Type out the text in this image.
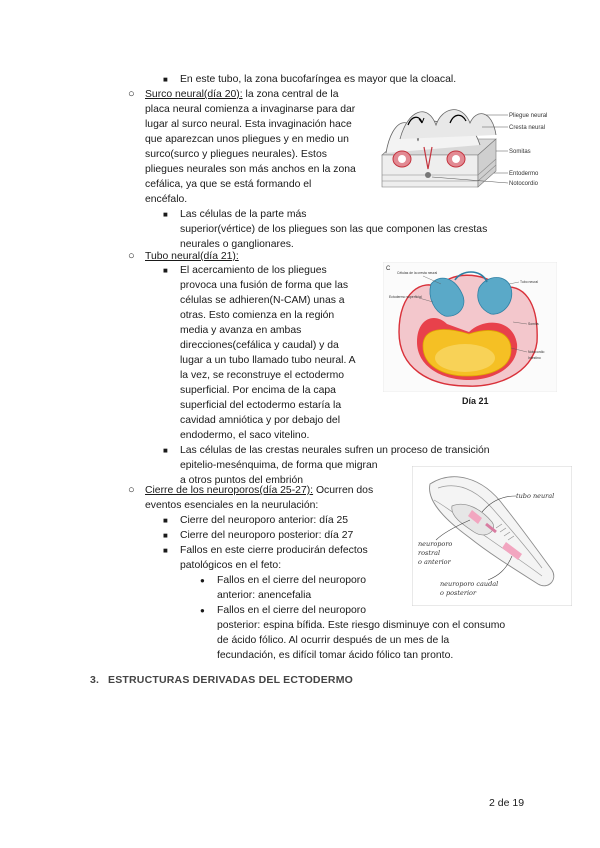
■ En este tubo, la zona bucofaríngea es mayor que la cloacal.
○ Surco neural(día 20): la zona central de la
placa neural comienza a invaginarse para dar
lugar al surco neural. Esta invaginación hace
que aparezcan unos pliegues y en medio un
surco(surco y pliegues neurales). Estos
pliegues neurales son más anchos en la zona
cefálica, ya que se está formando el
encéfalo.
■ Las células de la parte más
superior(vértice) de los pliegues son las que componen las crestas
neurales o ganglionares.
Pliegue neural
Cresta neural
Somitas
Entodermo
Notocordio
○ Tubo neural(día 21):
■ El acercamiento de los pliegues
provoca una fusión de forma que las
células se adhieren(N-CAM) unas a
otras. Esto comienza en la región
media y avanza en ambas
direcciones(cefálica y caudal) y da
lugar a un tubo llamado tubo neural. A
la vez, se reconstruye el ectodermo
superficial. Por encima de la capa
superficial del ectodermo estaría la
cavidad amniótica y por debajo del
endodermo, el saco vitelino.
■ Las células de las crestas neurales sufren un proceso de transición
epitelio-mesénquima, de forma que migran
a otros puntos del embrión
C
Células de la cresta neural
Ectodermo superficial
Tubo neural
Somita
Notocordio
Intestino
Día 21
○ Cierre de los neuroporos(día 25-27): Ocurren dos
eventos esenciales en la neurulación:
■ Cierre del neuroporo anterior: día 25
■ Cierre del neuroporo posterior: día 27
■ Fallos en este cierre producirán defectos
patológicos en el feto:
● Fallos en el cierre del neuroporo
anterior: anencefalia
● Fallos en el cierre del neuroporo
posterior: espina bífida. Este riesgo disminuye con el consumo
de ácido fólico. Al ocurrir después de un mes de la
fecundación, es difícil tomar ácido fólico tan pronto.
tubo neural
neuroporo
rostral
o anterior
neuroporo caudal
o posterior
3. ESTRUCTURAS DERIVADAS DEL ECTODERMO
2 de 19
